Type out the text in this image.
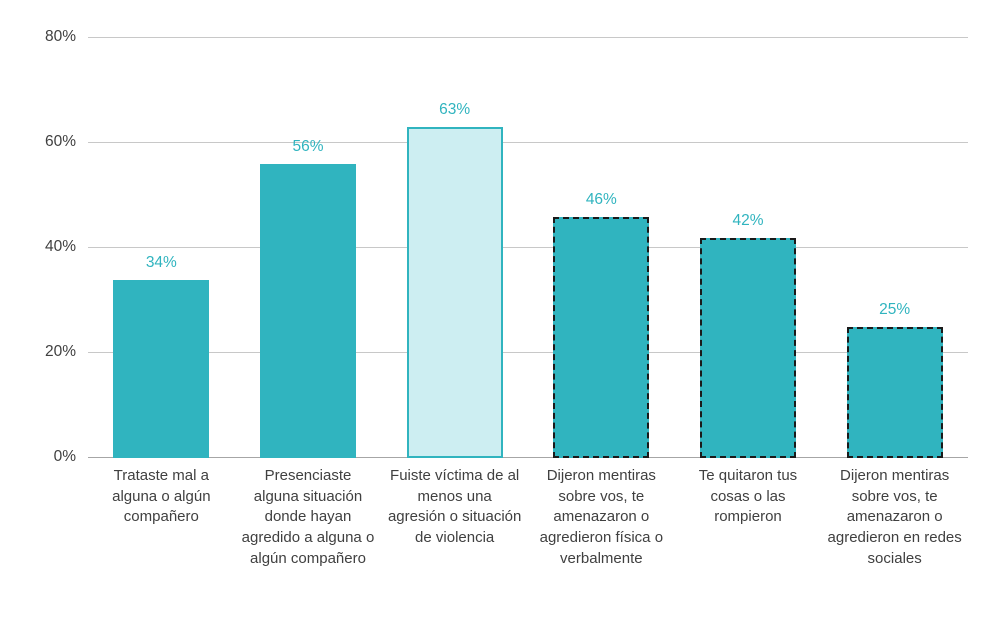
0%
20%
40%
60%
80%
34%
56%
63%
46%
42%
25%
Trataste mal a alguna o algún compañero
Presenciaste alguna situación donde hayan agredido a alguna o algún compañero
Fuiste víctima de al menos una agresión o situación de violencia
Dijeron mentiras sobre vos, te amenazaron o agredieron física o verbalmente
Te quitaron tus cosas o las rompieron
Dijeron mentiras sobre vos, te amenazaron o agredieron en redes sociales
